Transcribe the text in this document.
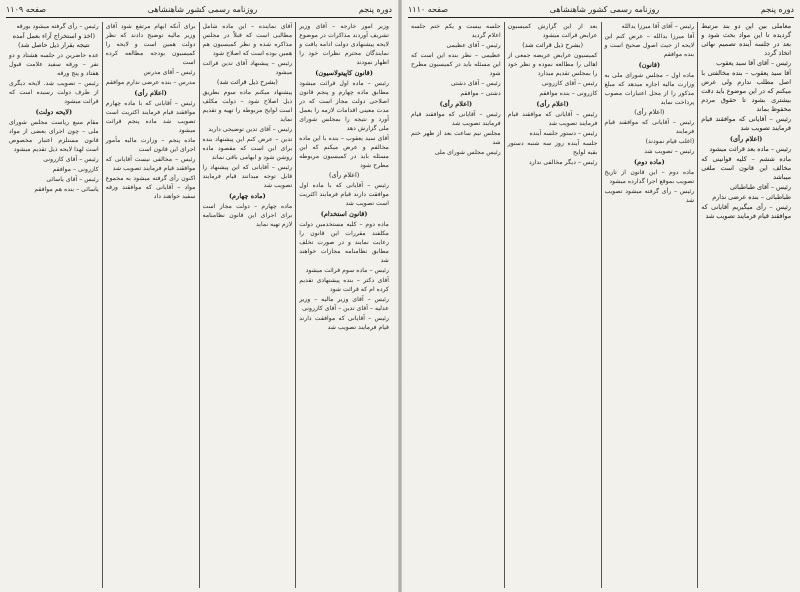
دوره پنجم
روزنامه رسمی کشور شاهنشاهی
صفحه ۱۱۰۹
وزیر امور خارجه – آقای وزیر تشریف آوردند مذاکرات در موضوع لایحه پیشنهادی دولت ادامه یافت و نمایندگان محترم نظرات خود را اظهار نمودند
(قانون کاپیتولاسیون)
رئیس – ماده اول قرائت میشود مطابق ماده چهارم و پنجم قانون اصلاحی دولت مجاز است که در مدت معینی اقدامات لازمه را بعمل آورد و نتیجه را بمجلس شورای ملی گزارش دهد
آقای سید یعقوب – بنده با این ماده مخالفم و عرض میکنم که این مسئله باید در کمیسیون مربوطه مطرح شود
(اعلام رأی)
رئیس – آقایانی که با ماده اول موافقت دارند قیام فرمایند اکثریت است تصویب شد
(قانون استخدام)
ماده دوم – کلیه مستخدمین دولت مکلفند مقررات این قانون را رعایت نمایند و در صورت تخلف مطابق نظامنامه مجازات خواهند شد
رئیس – ماده سوم قرائت میشود
آقای دکتر – بنده پیشنهادی تقدیم کرده ام که قرائت شود
رئیس – آقای وزیر مالیه – وزیر عدلیه – آقای تدین – آقای کازرونی
رئیس – آقایانی که موافقت دارند قیام فرمایند تصویب شد
آقای نماینده – این ماده شامل مطالبی است که قبلاً در مجلس مذاکره شده و نظر کمیسیون هم همین بوده است که اصلاح شود
رئیس – پیشنهاد آقای تدین قرائت میشود
(بشرح ذیل قرائت شد)
پیشنهاد میکنم ماده سوم بطریق ذیل اصلاح شود – دولت مکلف است لوایح مربوطه را تهیه و تقدیم نماید
رئیس – آقای تدین توضیحی دارید
تدین – عرض کنم این پیشنهاد بنده برای این است که مقصود ماده روشن شود و ابهامی باقی نماند
رئیس – آقایانی که این پیشنهاد را قابل توجه میدانند قیام فرمایند تصویب شد
(ماده چهارم)
ماده چهارم – دولت مجاز است برای اجرای این قانون نظامنامه لازم تهیه نماید
برای آنکه ابهام مرتفع شود آقای وزیر مالیه توضیح دادند که نظر دولت همین است و لایحه را کمیسیون بودجه مطالعه کرده است
رئیس – آقای مدرس
مدرس – بنده عرضی ندارم موافقم
(اعلام رأی)
رئیس – آقایانی که با ماده چهارم موافقند قیام فرمایند اکثریت است تصویب شد ماده پنجم قرائت میشود
ماده پنجم – وزارت مالیه مأمور اجرای این قانون است
رئیس – مخالفی نیست آقایانی که موافقند قیام فرمایند تصویب شد
اکنون رأی گرفته میشود به مجموع مواد – آقایانی که موافقند ورقه سفید خواهند داد
رئیس – رأی گرفته میشود بورقه
(اخذ و استخراج آراء بعمل آمده نتیجه بقرار ذیل حاصل شد)
عده حاضرین در جلسه هشتاد و دو نفر – ورقه سفید علامت قبول هفتاد و پنج ورقه
رئیس – تصویب شد. لایحه دیگری از طرف دولت رسیده است که قرائت میشود
(لایحه دولت)
مقام منیع ریاست مجلس شورای ملی – چون اجرای بعضی از مواد قانون مستلزم اعتبار مخصوص است لهذا لایحه ذیل تقدیم میشود
رئیس – آقای کازرونی
کازرونی – موافقم
رئیس – آقای یاسائی
یاسائی – بنده هم موافقم
دوره پنجم
روزنامه رسمی کشور شاهنشاهی
صفحه ۱۱۱۰
معاملی بین این دو بند مرتبط گردیده تا این مواد بحث شود و بعد در جلسه آینده تصمیم نهائی اتخاذ گردد
رئیس – آقای آقا سید یعقوب
آقا سید یعقوب – بنده مخالفتی با اصل مطلب ندارم ولی عرض میکنم که در این موضوع باید دقت بیشتری بشود تا حقوق مردم محفوظ بماند
رئیس – آقایانی که موافقند قیام فرمایند تصویب شد
(اعلام رأی)
رئیس – ماده بعد قرائت میشود
ماده ششم – کلیه قوانینی که مخالف این قانون است ملغی میباشد
رئیس – آقای طباطبائی
طباطبائی – بنده عرضی ندارم
رئیس – رأی میگیریم آقایانی که موافقند قیام فرمایند تصویب شد
رئیس – آقای آقا میرزا یدالله
آقا میرزا یدالله – عرض کنم این لایحه از حیث اصول صحیح است و بنده موافقم
(قانون)
ماده اول – مجلس شورای ملی به وزارت مالیه اجازه میدهد که مبلغ مذکور را از محل اعتبارات مصوب پرداخت نماید
(اعلام رأی)
رئیس – آقایانی که موافقند قیام فرمایند
(اغلب قیام نمودند)
رئیس – تصویب شد
(ماده دوم)
ماده دوم – این قانون از تاریخ تصویب بموقع اجرا گذارده میشود
رئیس – رأی گرفته میشود تصویب شد
بعد از این گزارش کمیسیون عرایض قرائت میشود
(بشرح ذیل قرائت شد)
کمیسیون عرایض عریضه جمعی از اهالی را مطالعه نموده و نظر خود را بمجلس تقدیم میدارد
رئیس – آقای کازرونی
کازرونی – بنده موافقم
(اعلام رأی)
رئیس – آقایانی که موافقند قیام فرمایند تصویب شد
رئیس – دستور جلسه آینده
جلسه آینده روز سه شنبه دستور بقیه لوایح
رئیس – دیگر مخالفی ندارد
جلسه بیست و یکم ختم جلسه اعلام گردید
رئیس – آقای عظیمی
عظیمی – نظر بنده این است که این مسئله باید در کمیسیون مطرح شود
رئیس – آقای دشتی
دشتی – موافقم
(اعلام رأی)
رئیس – آقایانی که موافقند قیام فرمایند تصویب شد
مجلس نیم ساعت بعد از ظهر ختم شد
رئیس مجلس شورای ملی
